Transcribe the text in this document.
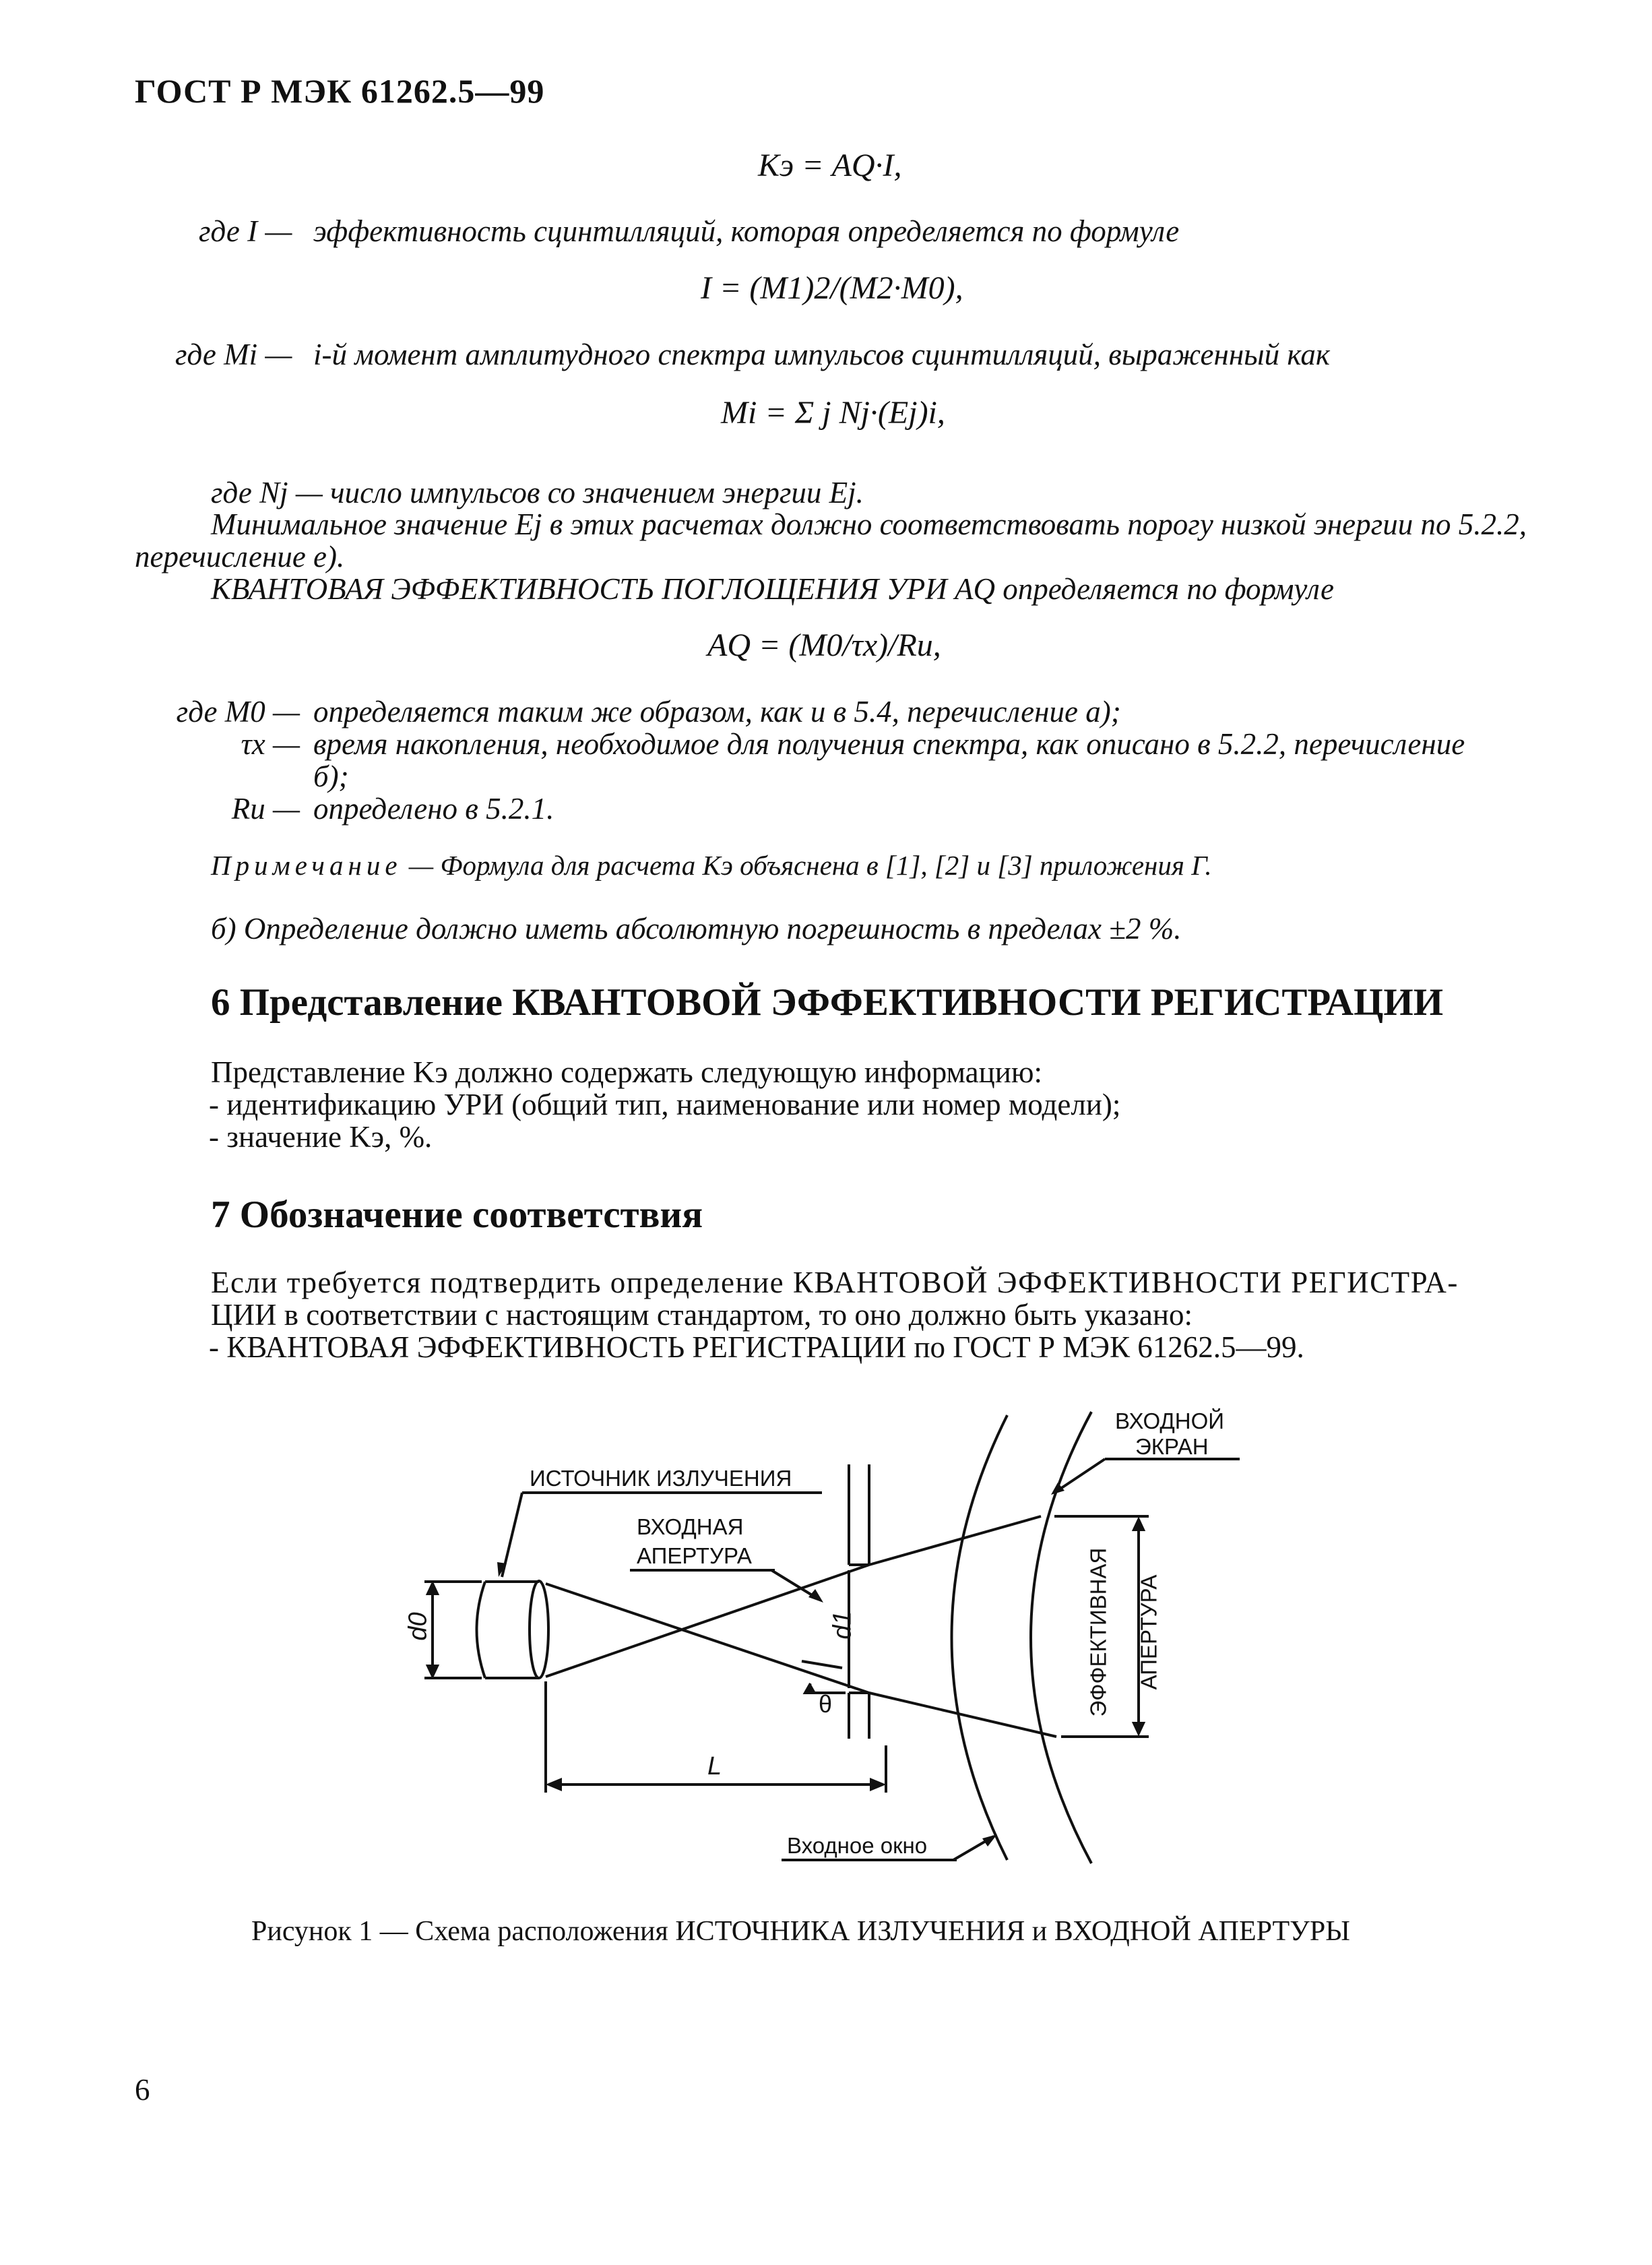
ГОСТ Р МЭК 61262.5—99
Kэ = AQ·I,
где I — эффективность сцинтилляций, которая определяется по формуле
I = (M1)2/(M2·M0),
где Mi — i-й момент амплитудного спектра импульсов сцинтилляций, выраженный как
Mi = Σ j Nj·(Ej)i,
где Nj — число импульсов со значением энергии Ej.
Минимальное значение Ej в этих расчетах должно соответствовать порогу низкой энергии по 5.2.2,
перечисление е).
КВАНТОВАЯ ЭФФЕКТИВНОСТЬ ПОГЛОЩЕНИЯ УРИ AQ определяется по формуле
AQ = (M0/τx)/Ru,
где M0 — определяется таким же образом, как и в 5.4, перечисление а);
τx — время накопления, необходимое для получения спектра, как описано в 5.2.2, перечисление
б);
Ru — определено в 5.2.1.
Примечание — Формула для расчета Kэ объяснена в [1], [2] и [3] приложения Г.
б) Определение должно иметь абсолютную погрешность в пределах ±2 %.
6 Представление КВАНТОВОЙ ЭФФЕКТИВНОСТИ РЕГИСТРАЦИИ
Представление Kэ должно содержать следующую информацию:
- идентификацию УРИ (общий тип, наименование или номер модели);
- значение Kэ, %.
7 Обозначение соответствия
Если требуется подтвердить определение КВАНТОВОЙ ЭФФЕКТИВНОСТИ РЕГИСТРА-
ЦИИ в соответствии с настоящим стандартом, то оно должно быть указано:
- КВАНТОВАЯ ЭФФЕКТИВНОСТЬ РЕГИСТРАЦИИ по ГОСТ Р МЭК 61262.5—99.
ИСТОЧНИК ИЗЛУЧЕНИЯ
ВХОДНАЯ
АПЕРТУРА
ВХОДНОЙ
ЭКРАН
Входное окно
d0	d1
θ
L
ЭФФЕКТИВНАЯ АПЕРТУРА
Рисунок 1 — Схема расположения ИСТОЧНИКА ИЗЛУЧЕНИЯ и ВХОДНОЙ АПЕРТУРЫ
6
